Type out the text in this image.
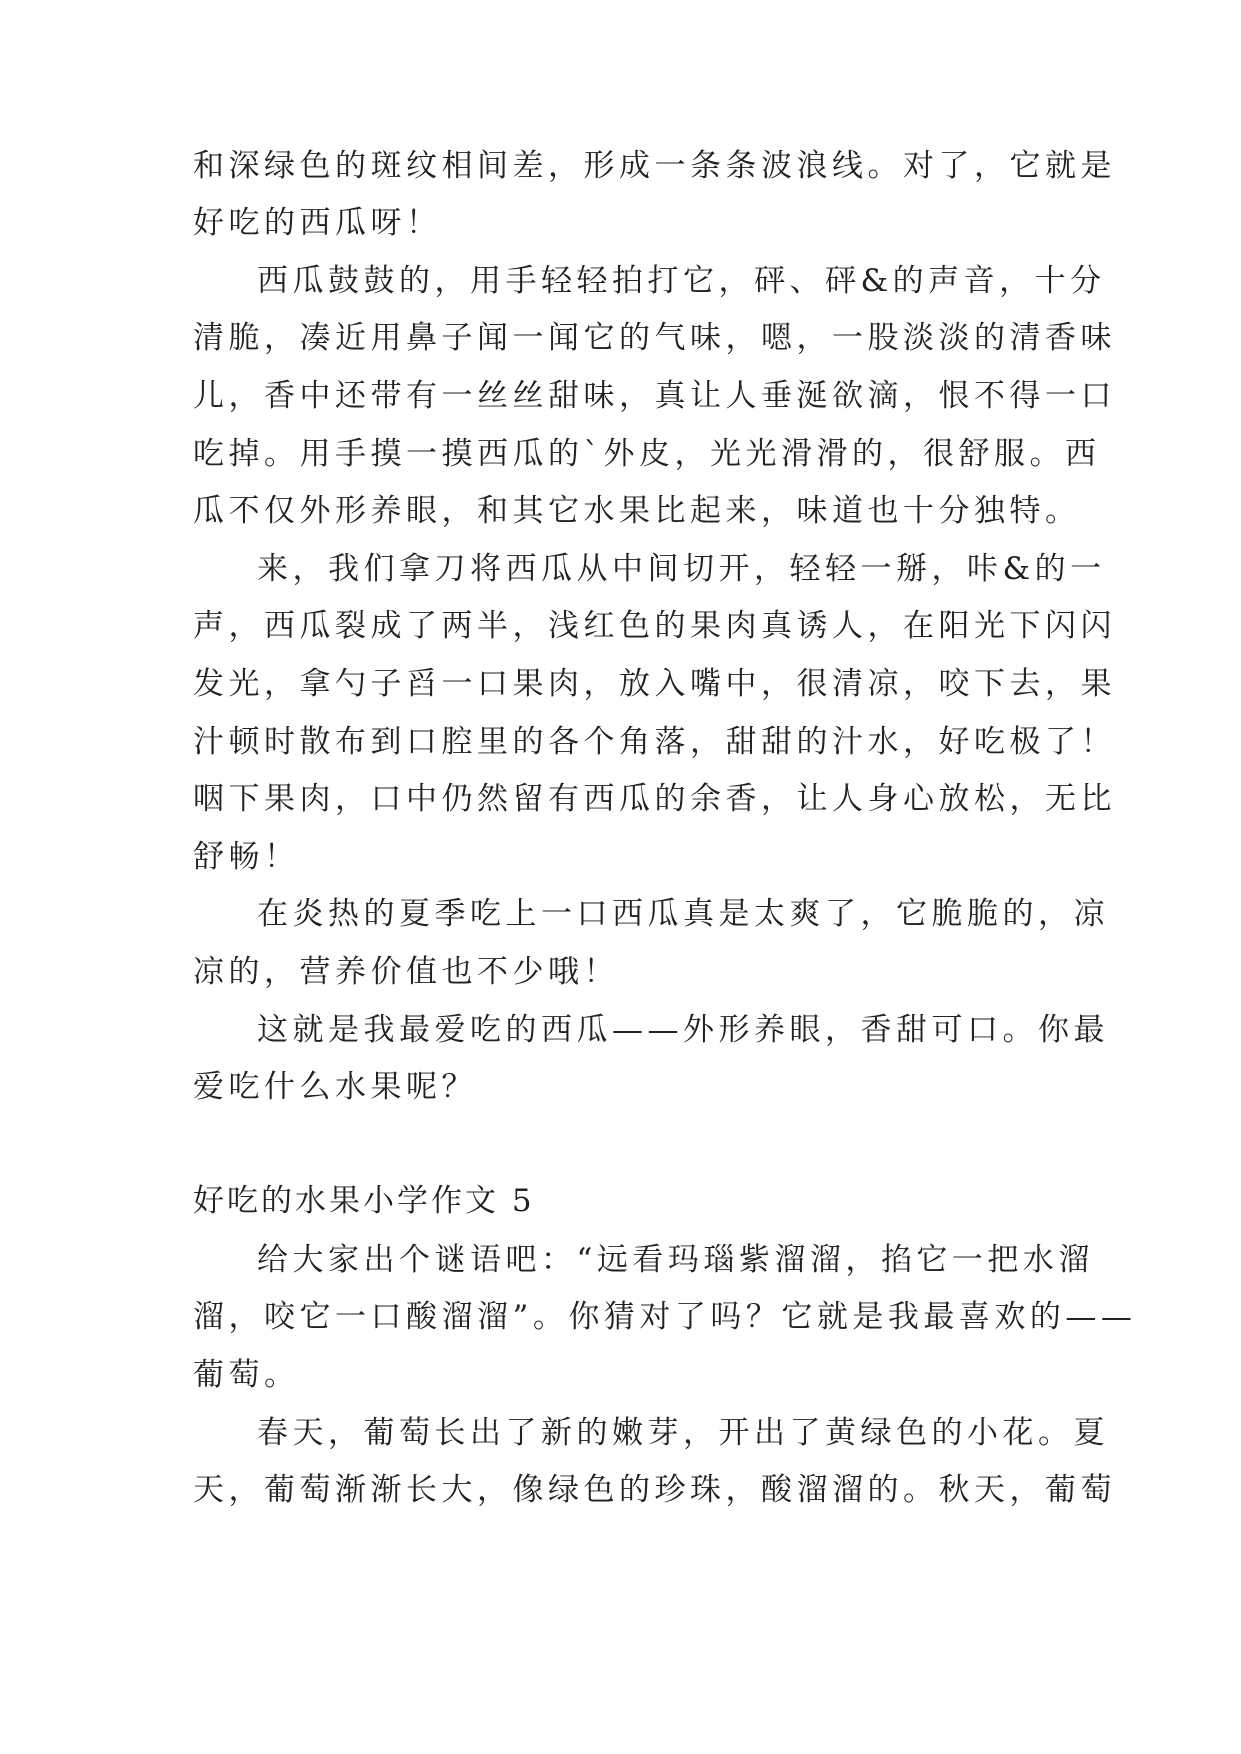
和深绿色的斑纹相间差，形成一条条波浪线。对了，它就是
好吃的西瓜呀！
西瓜鼓鼓的，用手轻轻拍打它，砰、砰&的声音，十分
清脆，凑近用鼻子闻一闻它的气味，嗯，一股淡淡的清香味
儿，香中还带有一丝丝甜味，真让人垂涎欲滴，恨不得一口
吃掉。用手摸一摸西瓜的`外皮，光光滑滑的，很舒服。西
瓜不仅外形养眼，和其它水果比起来，味道也十分独特。
来，我们拿刀将西瓜从中间切开，轻轻一掰，咔&的一
声，西瓜裂成了两半，浅红色的果肉真诱人，在阳光下闪闪
发光，拿勺子舀一口果肉，放入嘴中，很清凉，咬下去，果
汁顿时散布到口腔里的各个角落，甜甜的汁水，好吃极了！
咽下果肉，口中仍然留有西瓜的余香，让人身心放松，无比
舒畅！
在炎热的夏季吃上一口西瓜真是太爽了，它脆脆的，凉
凉的，营养价值也不少哦！
这就是我最爱吃的西瓜——外形养眼，香甜可口。你最
爱吃什么水果呢？
好吃的水果小学作文 5
给大家出个谜语吧：“远看玛瑙紫溜溜，掐它一把水溜
溜，咬它一口酸溜溜”。你猜对了吗？它就是我最喜欢的——
葡萄。
春天，葡萄长出了新的嫩芽，开出了黄绿色的小花。夏
天，葡萄渐渐长大，像绿色的珍珠，酸溜溜的。秋天，葡萄
